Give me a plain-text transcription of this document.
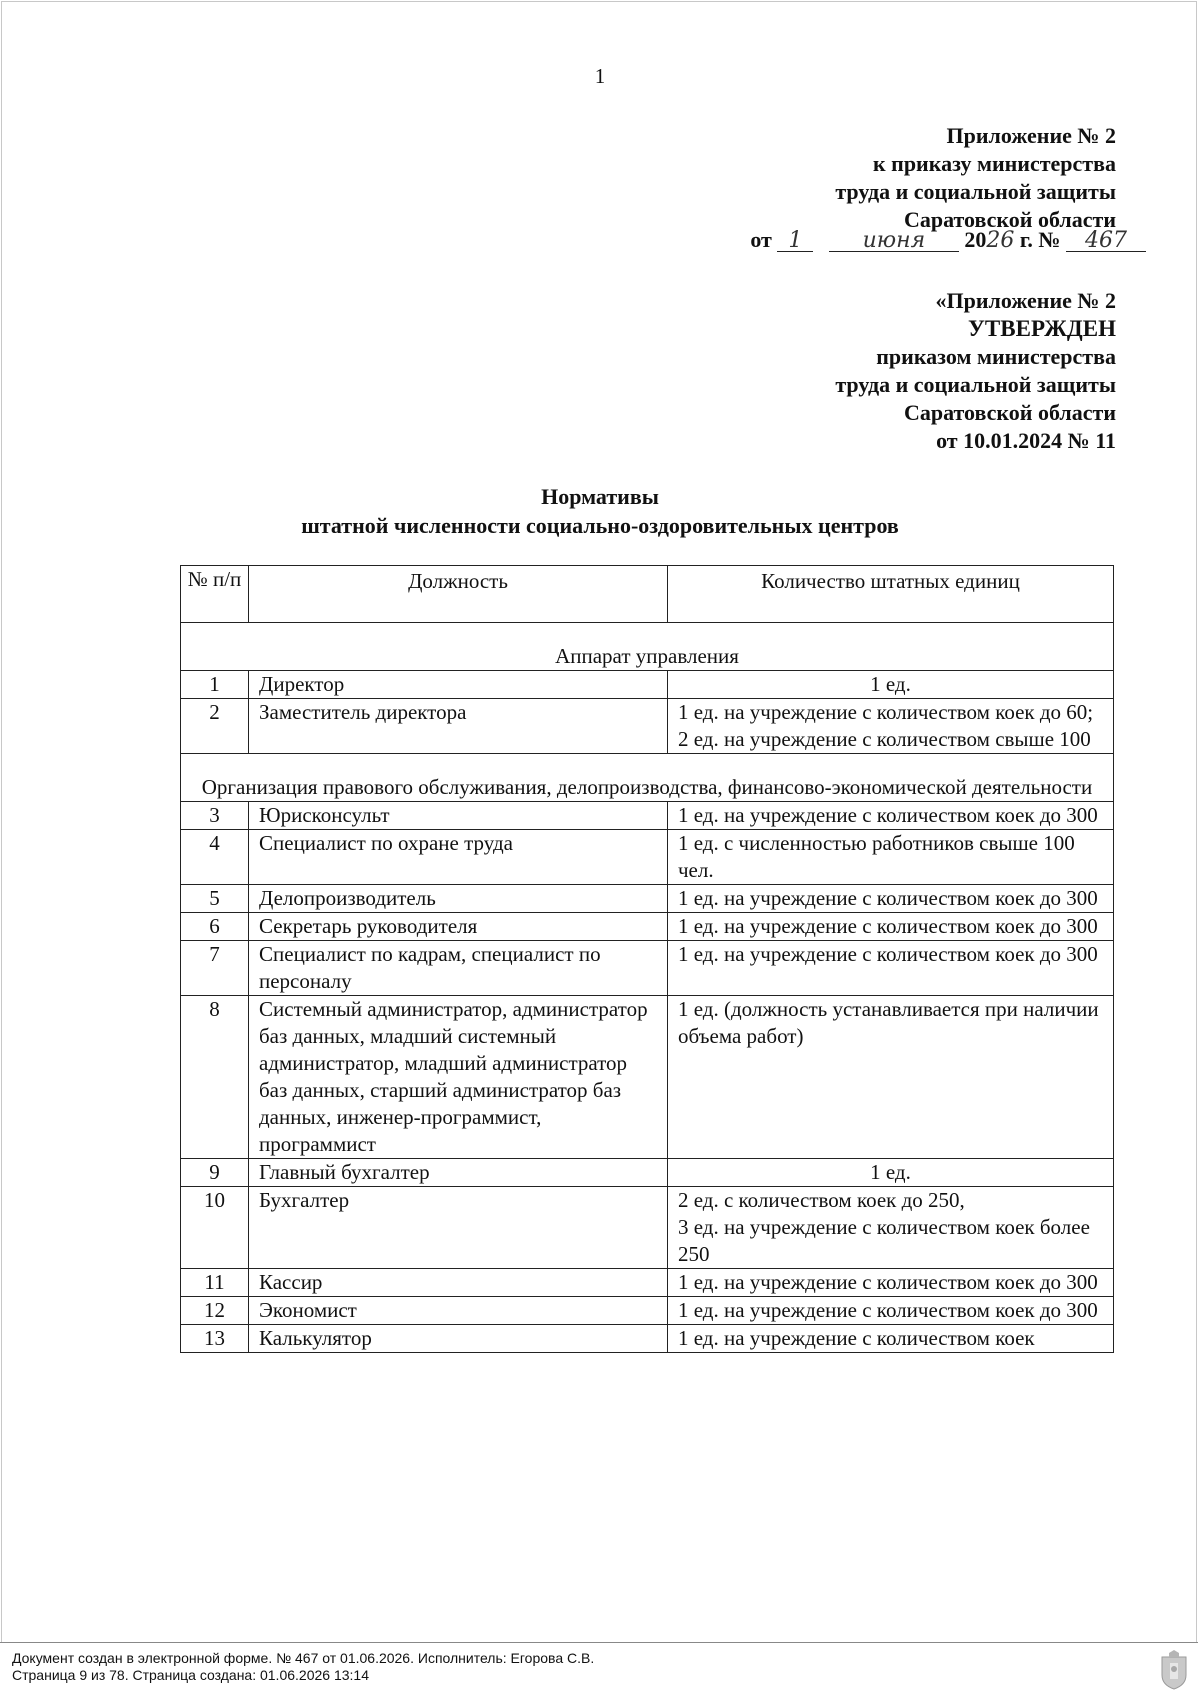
1
Приложение № 2
к приказу министерства
труда и социальной защиты
Саратовской области
от 1	июня 2026 г. № 467
«Приложение № 2
УТВЕРЖДЕН
приказом министерства
труда и социальной защиты
Саратовской области
от 10.01.2024 № 11
Нормативы
штатной численности социально-оздоровительных центров
№ п/п	Должность	Количество штатных единиц
Аппарат управления		
1	Директор	1 ед.
2	Заместитель директора	1 ед. на учреждение с количеством коек до 60;
2 ед. на учреждение с количеством свыше 100

Организация правового обслуживания, делопроизводства, финансово-экономической деятельности		
3	Юрисконсульт	1 ед. на учреждение с количеством коек до 300
4	Специалист по охране труда	1 ед. с численностью работников свыше 100 чел.
5	Делопроизводитель	1 ед. на учреждение с количеством коек до 300
6	Секретарь руководителя	1 ед. на учреждение с количеством коек до 300
7	Специалист по кадрам, специалист по персоналу	1 ед. на учреждение с количеством коек до 300
8	Системный администратор, администратор баз данных, младший системный администратор, младший администратор баз данных, старший администратор баз данных, инженер-программист, программист	1 ед. (должность устанавливается при наличии объема работ)
9	Главный бухгалтер	1 ед.
10	Бухгалтер	2 ед. с количеством коек до 250,
3 ед. на учреждение с количеством коек более 250

11	Кассир	1 ед. на учреждение с количеством коек до 300
12	Экономист	1 ед. на учреждение с количеством коек до 300
13	Калькулятор	1 ед. на учреждение с количеством коек
Документ создан в электронной форме. № 467 от 01.06.2026. Исполнитель: Егорова С.В.
Страница 9 из 78. Страница создана: 01.06.2026 13:14
